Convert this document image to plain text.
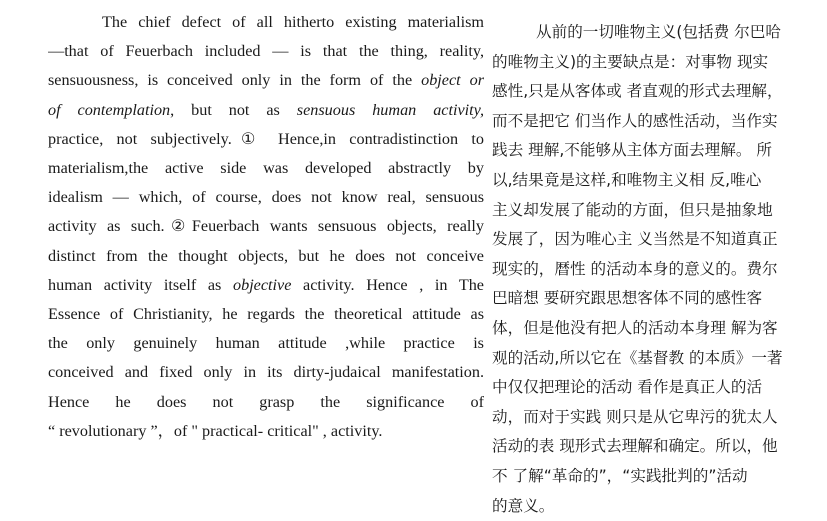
The chief defect of all hitherto existing materialism
—that of Feuerbach included — is that the thing, reality,
sensuousness, is conceived only in the form of the object or
of contemplation, but not as sensuous human activity,
practice, not subjectively.① Hence,in contradistinction to
materialism,the active side was developed abstractly by
idealism — which, of course, does not know real, sensuous
activity as such.②Feuerbach wants sensuous objects, really
distinct from the thought objects, but he does not conceive
human activity itself as objective activity. Hence , in The
Essence of Christianity, he regards the theoretical attitude as
the only genuinely human attitude ,while practice is
conceived and fixed only in its dirty-judaical manifestation.
Hence he does not grasp the significance of
“ revolutionary ”，of " practical- critical" , activity.
从前的一切唯物主义(包括费 尔巴哈
的唯物主义)的主要缺点是：对事物 现实
感性,只是从客体或 者直观的形式去理解，
而不是把它 们当作人的感性活动，当作实
践去 理解,不能够从主体方面去理解。 所
以,结果竟是这样,和唯物主义相 反,唯心
主义却发展了能动的方面，但只是抽象地
发展了，因为唯心主 义当然是不知道真正
现实的，暦性 的活动本身的意义的。费尔
巴暗想 要研究跟思想客体不同的感性客
体，但是他没有把人的活动本身理 解为客
观的活动,所以它在《基督教 的本质》一著
中仅仅把理论的活动 看作是真正人的活
动，而对于实践 则只是从它卑污的犹太人
活动的表 现形式去理解和确定。所以，他
不 了解“革命的”，“实践批判的”活动
的意义。
